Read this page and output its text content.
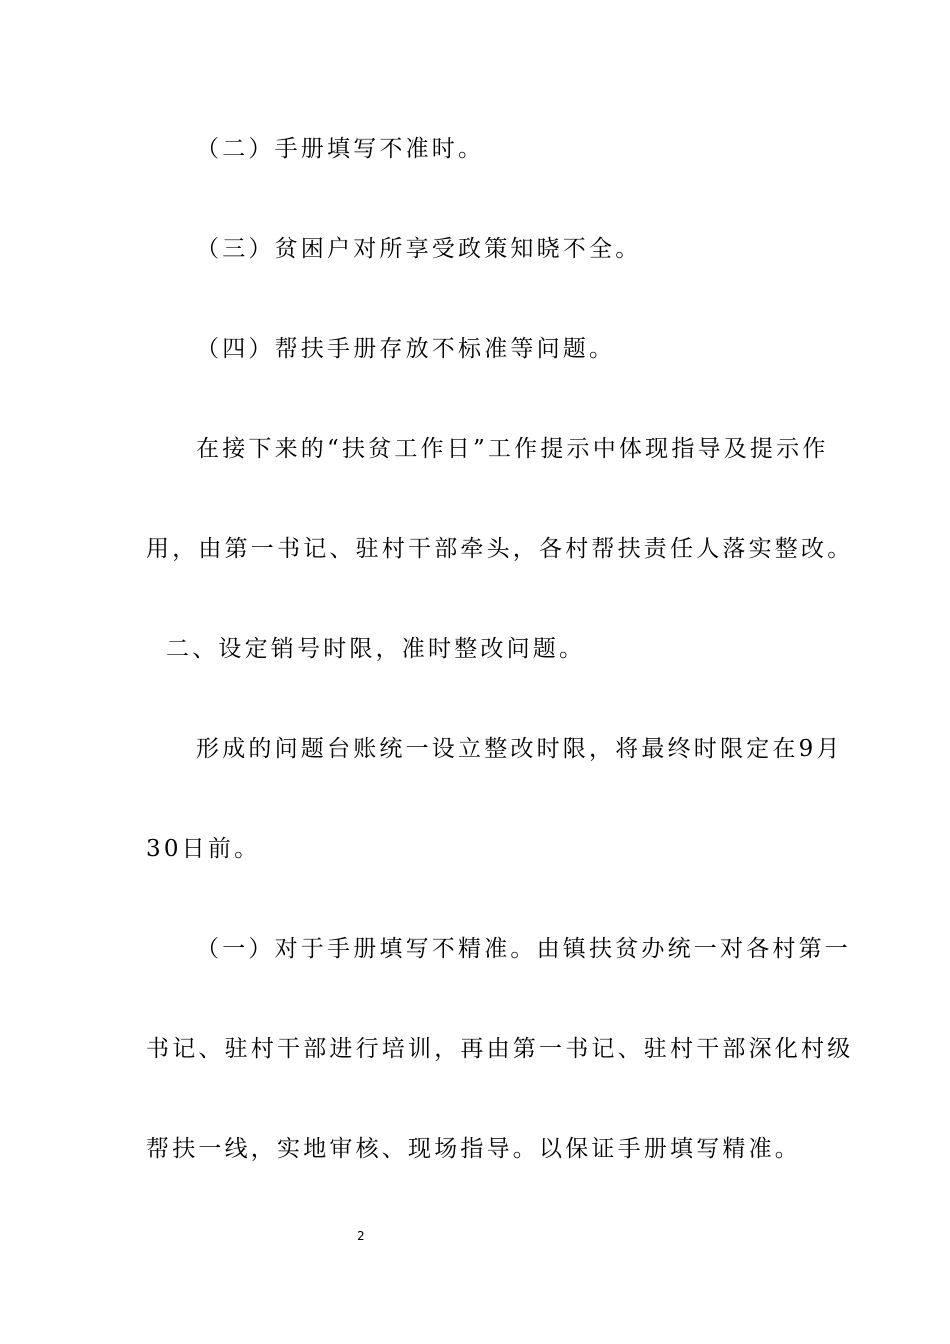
（二）手册填写不准时。
（三）贫困户对所享受政策知晓不全。
（四）帮扶手册存放不标准等问题。
在接下来的“扶贫工作日”工作提示中体现指导及提示作
用，由第一书记、驻村干部牵头，各村帮扶责任人落实整改。
二、设定销号时限，准时整改问题。
形成的问题台账统一设立整改时限，将最终时限定在9月
30日前。
（一）对于手册填写不精准。由镇扶贫办统一对各村第一
书记、驻村干部进行培训，再由第一书记、驻村干部深化村级
帮扶一线，实地审核、现场指导。以保证手册填写精准。
2
